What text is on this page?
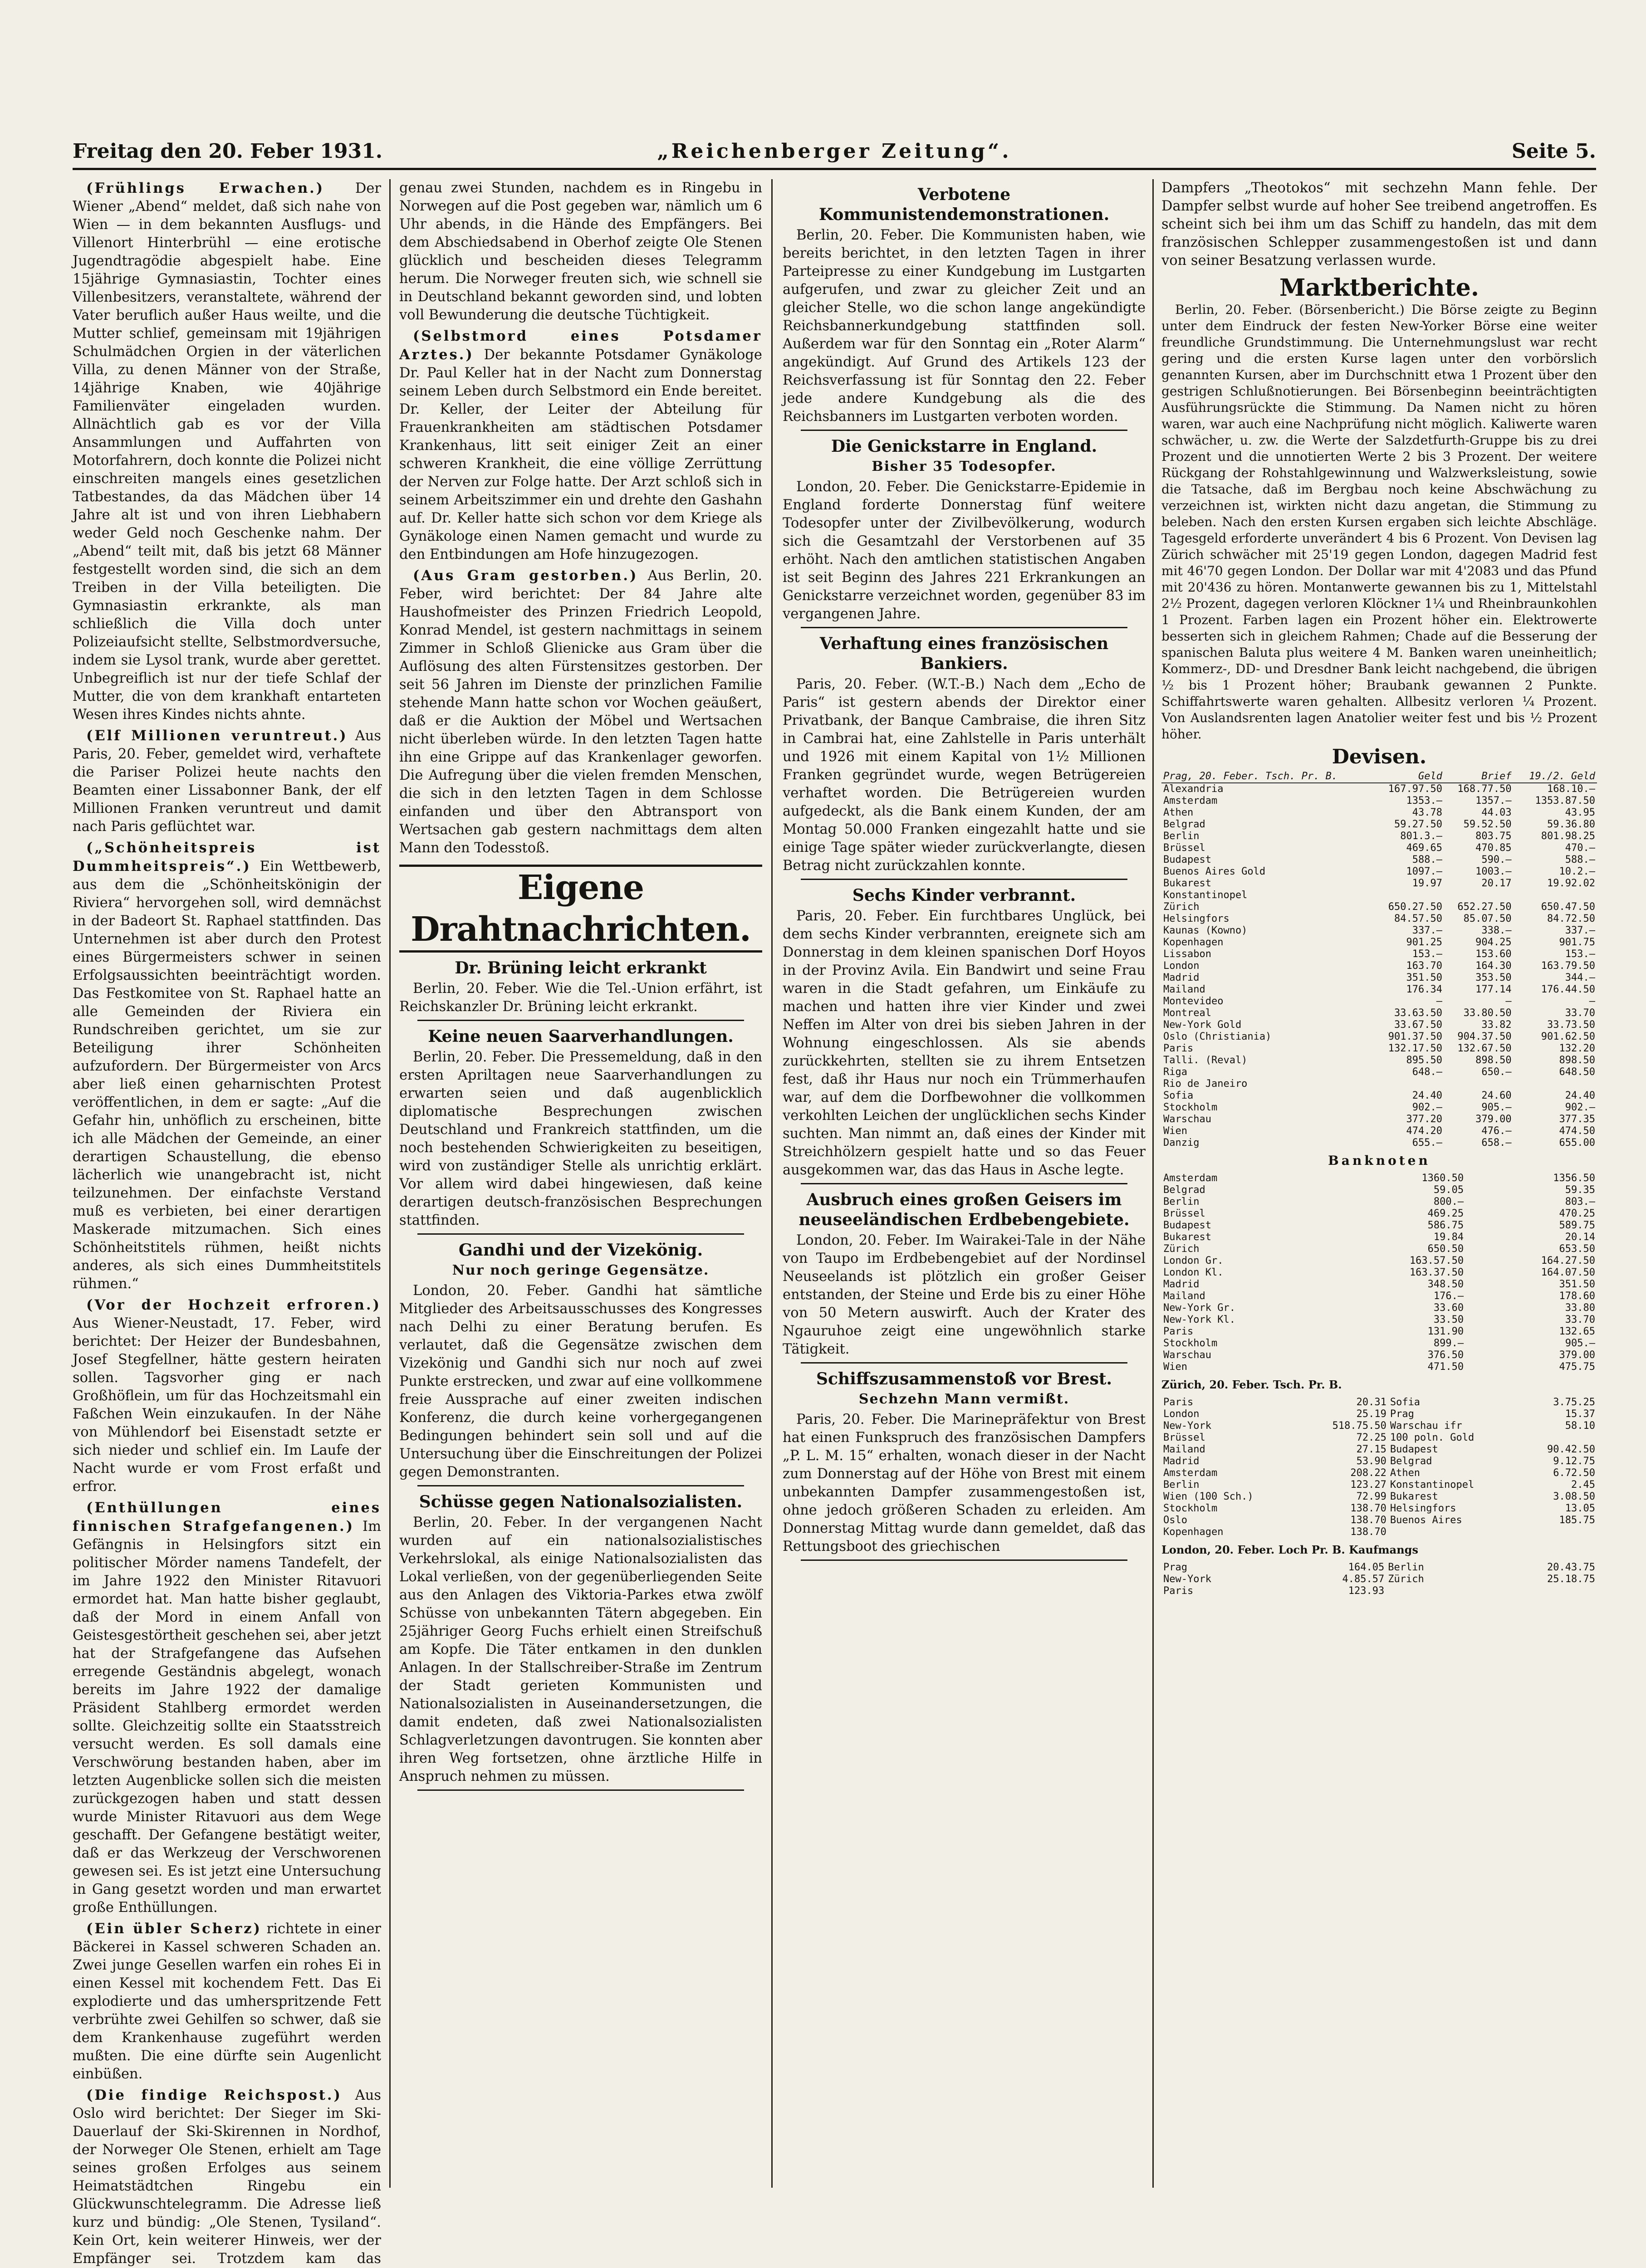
Freitag den 20. Feber 1931.	„Reichenberger Zeitung“.	Seite 5.

(Frühlings Erwachen.) Der Wiener „Abend“ meldet, daß sich nahe von Wien — in dem bekannten Ausflugs- und Villenort Hinterbrühl — eine erotische Jugendtragödie abgespielt habe. Eine 15jährige Gymnasiastin, Tochter eines Villenbesitzers, veranstaltete, während der Vater beruflich außer Haus weilte, und die Mutter schlief, gemeinsam mit 19jährigen Schulmädchen Orgien in der väterlichen Villa, zu denen Männer von der Straße, 14jährige Knaben, wie 40jährige Familienväter eingeladen wurden. Allnächtlich gab es vor der Villa Ansammlungen und Auffahrten von Motorfahrern, doch konnte die Polizei nicht einschreiten mangels eines gesetzlichen Tatbestandes, da das Mädchen über 14 Jahre alt ist und von ihren Liebhabern weder Geld noch Geschenke nahm. Der „Abend“ teilt mit, daß bis jetzt 68 Männer festgestellt worden sind, die sich an dem Treiben in der Villa beteiligten. Die Gymnasiastin erkrankte, als man schließlich die Villa doch unter Polizeiaufsicht stellte, Selbstmordversuche, indem sie Lysol trank, wurde aber gerettet. Unbegreiflich ist nur der tiefe Schlaf der Mutter, die von dem krankhaft entarteten Wesen ihres Kindes nichts ahnte.

(Elf Millionen veruntreut.) Aus Paris, 20. Feber, gemeldet wird, verhaftete die Pariser Polizei heute nachts den Beamten einer Lissabonner Bank, der elf Millionen Franken veruntreut und damit nach Paris geflüchtet war.

(„Schönheitspreis ist Dummheitspreis“.) Ein Wettbewerb, aus dem die „Schönheitskönigin der Riviera“ hervorgehen soll, wird demnächst in der Badeort St. Raphael stattfinden. Das Unternehmen ist aber durch den Protest eines Bürgermeisters schwer in seinen Erfolgsaussichten beeinträchtigt worden. Das Festkomitee von St. Raphael hatte an alle Gemeinden der Riviera ein Rundschreiben gerichtet, um sie zur Beteiligung ihrer Schönheiten aufzufordern. Der Bürgermeister von Arcs aber ließ einen geharnischten Protest veröffentlichen, in dem er sagte: „Auf die Gefahr hin, unhöflich zu erscheinen, bitte ich alle Mädchen der Gemeinde, an einer derartigen Schaustellung, die ebenso lächerlich wie unangebracht ist, nicht teilzunehmen. Der einfachste Verstand muß es verbieten, bei einer derartigen Maskerade mitzumachen. Sich eines Schönheitstitels rühmen, heißt nichts anderes, als sich eines Dummheitstitels rühmen.“

(Vor der Hochzeit erfroren.) Aus Wiener-Neustadt, 17. Feber, wird berichtet: Der Heizer der Bundesbahnen, Josef Stegfellner, hätte gestern heiraten sollen. Tagsvorher ging er nach Großhöflein, um für das Hochzeitsmahl ein Faßchen Wein einzukaufen. In der Nähe von Mühlendorf bei Eisenstadt setzte er sich nieder und schlief ein. Im Laufe der Nacht wurde er vom Frost erfaßt und erfror.

(Enthüllungen eines finnischen Strafgefangenen.) Im Gefängnis in Helsingfors sitzt ein politischer Mörder namens Tandefelt, der im Jahre 1922 den Minister Ritavuori ermordet hat. Man hatte bisher geglaubt, daß der Mord in einem Anfall von Geistesgestörtheit geschehen sei, aber jetzt hat der Strafgefangene das Aufsehen erregende Geständnis abgelegt, wonach bereits im Jahre 1922 der damalige Präsident Stahlberg ermordet werden sollte. Gleichzeitig sollte ein Staatsstreich versucht werden. Es soll damals eine Verschwörung bestanden haben, aber im letzten Augenblicke sollen sich die meisten zurückgezogen haben und statt dessen wurde Minister Ritavuori aus dem Wege geschafft. Der Gefangene bestätigt weiter, daß er das Werkzeug der Verschworenen gewesen sei. Es ist jetzt eine Untersuchung in Gang gesetzt worden und man erwartet große Enthüllungen.

(Ein übler Scherz) richtete in einer Bäckerei in Kassel schweren Schaden an. Zwei junge Gesellen warfen ein rohes Ei in einen Kessel mit kochendem Fett. Das Ei explodierte und das umherspritzende Fett verbrühte zwei Gehilfen so schwer, daß sie dem Krankenhause zugeführt werden mußten. Die eine dürfte sein Augenlicht einbüßen.

(Die findige Reichspost.) Aus Oslo wird berichtet: Der Sieger im Ski-Dauerlauf der Ski-Skirennen in Nordhof, der Norweger Ole Stenen, erhielt am Tage seines großen Erfolges aus seinem Heimatstädtchen Ringebu ein Glückwunschtelegramm. Die Adresse ließ kurz und bündig: „Ole Stenen, Tysiland“. Kein Ort, kein weiterer Hinweis, wer der Empfänger sei. Trotzdem kam das

genau zwei Stunden, nachdem es in Ringebu in Norwegen auf die Post gegeben war, nämlich um 6 Uhr abends, in die Hände des Empfängers. Bei dem Abschiedsabend in Oberhof zeigte Ole Stenen glücklich und bescheiden dieses Telegramm herum. Die Norweger freuten sich, wie schnell sie in Deutschland bekannt geworden sind, und lobten voll Bewunderung die deutsche Tüchtigkeit.

(Selbstmord eines Potsdamer Arztes.) Der bekannte Potsdamer Gynäkologe Dr. Paul Keller hat in der Nacht zum Donnerstag seinem Leben durch Selbstmord ein Ende bereitet. Dr. Keller, der Leiter der Abteilung für Frauenkrankheiten am städtischen Potsdamer Krankenhaus, litt seit einiger Zeit an einer schweren Krankheit, die eine völlige Zerrüttung der Nerven zur Folge hatte. Der Arzt schloß sich in seinem Arbeitszimmer ein und drehte den Gashahn auf. Dr. Keller hatte sich schon vor dem Kriege als Gynäkologe einen Namen gemacht und wurde zu den Entbindungen am Hofe hinzugezogen.

(Aus Gram gestorben.) Aus Berlin, 20. Feber, wird berichtet: Der 84 Jahre alte Haushofmeister des Prinzen Friedrich Leopold, Konrad Mendel, ist gestern nachmittags in seinem Zimmer in Schloß Glienicke aus Gram über die Auflösung des alten Fürstensitzes gestorben. Der seit 56 Jahren im Dienste der prinzlichen Familie stehende Mann hatte schon vor Wochen geäußert, daß er die Auktion der Möbel und Wertsachen nicht überleben würde. In den letzten Tagen hatte ihn eine Grippe auf das Krankenlager geworfen. Die Aufregung über die vielen fremden Menschen, die sich in den letzten Tagen in dem Schlosse einfanden und über den Abtransport von Wertsachen gab gestern nachmittags dem alten Mann den Todesstoß.

Eigene Drahtnachrichten.
Dr. Brüning leicht erkrankt

Berlin, 20. Feber. Wie die Tel.-Union erfährt, ist Reichskanzler Dr. Brüning leicht erkrankt.

Keine neuen Saarverhandlungen.

Berlin, 20. Feber. Die Pressemeldung, daß in den ersten Apriltagen neue Saarverhandlungen zu erwarten seien und daß augenblicklich diplomatische Besprechungen zwischen Deutschland und Frankreich stattfinden, um die noch bestehenden Schwierigkeiten zu beseitigen, wird von zuständiger Stelle als unrichtig erklärt. Vor allem wird dabei hingewiesen, daß keine derartigen deutsch-französischen Besprechungen stattfinden.

Gandhi und der Vizekönig.
Nur noch geringe Gegensätze.

London, 20. Feber. Gandhi hat sämtliche Mitglieder des Arbeitsausschusses des Kongresses nach Delhi zu einer Beratung berufen. Es verlautet, daß die Gegensätze zwischen dem Vizekönig und Gandhi sich nur noch auf zwei Punkte erstrecken, und zwar auf eine vollkommene freie Aussprache auf einer zweiten indischen Konferenz, die durch keine vorhergegangenen Bedingungen behindert sein soll und auf die Untersuchung über die Einschreitungen der Polizei gegen Demonstranten.

Schüsse gegen Nationalsozialisten.

Berlin, 20. Feber. In der vergangenen Nacht wurden auf ein nationalsozialistisches Verkehrslokal, als einige Nationalsozialisten das Lokal verließen, von der gegenüberliegenden Seite aus den Anlagen des Viktoria-Parkes etwa zwölf Schüsse von unbekannten Tätern abgegeben. Ein 25jähriger Georg Fuchs erhielt einen Streifschuß am Kopfe. Die Täter entkamen in den dunklen Anlagen. In der Stallschreiber-Straße im Zentrum der Stadt gerieten Kommunisten und Nationalsozialisten in Auseinandersetzungen, die damit endeten, daß zwei Nationalsozialisten Schlagverletzungen davontrugen. Sie konnten aber ihren Weg fortsetzen, ohne ärztliche Hilfe in Anspruch nehmen zu müssen.

Verbotene Kommunistendemonstrationen.

Berlin, 20. Feber. Die Kommunisten haben, wie bereits berichtet, in den letzten Tagen in ihrer Parteipresse zu einer Kundgebung im Lustgarten aufgerufen, und zwar zu gleicher Zeit und an gleicher Stelle, wo die schon lange angekündigte Reichsbannerkundgebung stattfinden soll. Außerdem war für den Sonntag ein „Roter Alarm“ angekündigt. Auf Grund des Artikels 123 der Reichsverfassung ist für Sonntag den 22. Feber jede andere Kundgebung als die des Reichsbanners im Lustgarten verboten worden.

Die Genickstarre in England.
Bisher 35 Todesopfer.

London, 20. Feber. Die Genickstarre-Epidemie in England forderte Donnerstag fünf weitere Todesopfer unter der Zivilbevölkerung, wodurch sich die Gesamtzahl der Verstorbenen auf 35 erhöht. Nach den amtlichen statistischen Angaben ist seit Beginn des Jahres 221 Erkrankungen an Genickstarre verzeichnet worden, gegenüber 83 im vergangenen Jahre.

Verhaftung eines französischen Bankiers.

Paris, 20. Feber. (W.T.-B.) Nach dem „Echo de Paris“ ist gestern abends der Direktor einer Privatbank, der Banque Cambraise, die ihren Sitz in Cambrai hat, eine Zahlstelle in Paris unterhält und 1926 mit einem Kapital von 1½ Millionen Franken gegründet wurde, wegen Betrügereien verhaftet worden. Die Betrügereien wurden aufgedeckt, als die Bank einem Kunden, der am Montag 50.000 Franken eingezahlt hatte und sie einige Tage später wieder zurückverlangte, diesen Betrag nicht zurückzahlen konnte.

Sechs Kinder verbrannt.

Paris, 20. Feber. Ein furchtbares Unglück, bei dem sechs Kinder verbrannten, ereignete sich am Donnerstag in dem kleinen spanischen Dorf Hoyos in der Provinz Avila. Ein Bandwirt und seine Frau waren in die Stadt gefahren, um Einkäufe zu machen und hatten ihre vier Kinder und zwei Neffen im Alter von drei bis sieben Jahren in der Wohnung eingeschlossen. Als sie abends zurückkehrten, stellten sie zu ihrem Entsetzen fest, daß ihr Haus nur noch ein Trümmerhaufen war, auf dem die Dorfbewohner die vollkommen verkohlten Leichen der unglücklichen sechs Kinder suchten. Man nimmt an, daß eines der Kinder mit Streichhölzern gespielt hatte und so das Feuer ausgekommen war, das das Haus in Asche legte.

Ausbruch eines großen Geisers im neuseeländischen Erdbebengebiete.

London, 20. Feber. Im Wairakei-Tale in der Nähe von Taupo im Erdbebengebiet auf der Nordinsel Neuseelands ist plötzlich ein großer Geiser entstanden, der Steine und Erde bis zu einer Höhe von 50 Metern auswirft. Auch der Krater des Ngauruhoe zeigt eine ungewöhnlich starke Tätigkeit.

Schiffszusammenstoß vor Brest.
Sechzehn Mann vermißt.

Paris, 20. Feber. Die Marinepräfektur von Brest hat einen Funkspruch des französischen Dampfers „P. L. M. 15“ erhalten, wonach dieser in der Nacht zum Donnerstag auf der Höhe von Brest mit einem unbekannten Dampfer zusammengestoßen ist, ohne jedoch größeren Schaden zu erleiden. Am Donnerstag Mittag wurde dann gemeldet, daß das Rettungsboot des griechischen

Dampfers „Theotokos“ mit sechzehn Mann fehle. Der Dampfer selbst wurde auf hoher See treibend angetroffen. Es scheint sich bei ihm um das Schiff zu handeln, das mit dem französischen Schlepper zusammengestoßen ist und dann von seiner Besatzung verlassen wurde.

Marktberichte.

Berlin, 20. Feber. (Börsenbericht.) Die Börse zeigte zu Beginn unter dem Eindruck der festen New-Yorker Börse eine weiter freundliche Grundstimmung. Die Unternehmungslust war recht gering und die ersten Kurse lagen unter den vorbörslich genannten Kursen, aber im Durchschnitt etwa 1 Prozent über den gestrigen Schlußnotierungen. Bei Börsenbeginn beeinträchtigten Ausführungsrückte die Stimmung. Da Namen nicht zu hören waren, war auch eine Nachprüfung nicht möglich. Kaliwerte waren schwächer, u. zw. die Werte der Salzdetfurth-Gruppe bis zu drei Prozent und die unnotierten Werte 2 bis 3 Prozent. Der weitere Rückgang der Rohstahlgewinnung und Walzwerksleistung, sowie die Tatsache, daß im Bergbau noch keine Abschwächung zu verzeichnen ist, wirkten nicht dazu angetan, die Stimmung zu beleben. Nach den ersten Kursen ergaben sich leichte Abschläge. Tagesgeld erforderte unverändert 4 bis 6 Prozent. Von Devisen lag Zürich schwächer mit 25'19 gegen London, dagegen Madrid fest mit 46'70 gegen London. Der Dollar war mit 4'2083 und das Pfund mit 20'436 zu hören. Montanwerte gewannen bis zu 1, Mittelstahl 2½ Prozent, dagegen verloren Klöckner 1¼ und Rheinbraunkohlen 1 Prozent. Farben lagen ein Prozent höher ein. Elektrowerte besserten sich in gleichem Rahmen; Chade auf die Besserung der spanischen Baluta plus weitere 4 M. Banken waren uneinheitlich; Kommerz-, DD- und Dresdner Bank leicht nachgebend, die übrigen ½ bis 1 Prozent höher; Braubank gewannen 2 Punkte. Schiffahrtswerte waren gehalten. Allbesitz verloren ¼ Prozent. Von Auslandsrenten lagen Anatolier weiter fest und bis ½ Prozent höher.

Devisen.
Prag, 20. Feber. Tsch. Pr. B.	Geld	Brief	19./2. Geld
Alexandria	167.97.50	168.77.50	168.10.—
Amsterdam	1353.—	1357.—	1353.87.50
Athen	43.78	44.03	43.95
Belgrad	59.27.50	59.52.50	59.36.80
Berlin	801.3.—	803.75	801.98.25
Brüssel	469.65	470.85	470.—
Budapest	588.—	590.—	588.—
Buenos Aires Gold	1097.—	1003.—	10.2.—
Bukarest	19.97	20.17	19.92.02
Konstantinopel			
Zürich	650.27.50	652.27.50	650.47.50
Helsingfors	84.57.50	85.07.50	84.72.50
Kaunas (Kowno)	337.—	338.—	337.—
Kopenhagen	901.25	904.25	901.75
Lissabon	153.—	153.60	153.—
London	163.70	164.30	163.79.50
Madrid	351.50	353.50	344.—
Mailand	176.34	177.14	176.44.50
Montevideo	—	—	—
Montreal	33.63.50	33.80.50	33.70
New-York Gold	33.67.50	33.82	33.73.50
Oslo (Christiania)	901.37.50	904.37.50	901.62.50
Paris	132.17.50	132.67.50	132.20
Talli. (Reval)	895.50	898.50	898.50
Riga	648.—	650.—	648.50
Rio de Janeiro			
Sofia	24.40	24.60	24.40
Stockholm	902.—	905.—	902.—
Warschau	377.20	379.00	377.35
Wien	474.20	476.—	474.50
Danzig	655.—	658.—	655.00
Banknoten
Amsterdam	1360.50	1356.50
Belgrad	59.05	59.35
Berlin	800.—	803.—
Brüssel	469.25	470.25
Budapest	586.75	589.75
Bukarest	19.84	20.14
Zürich	650.50	653.50
London Gr.	163.57.50	164.27.50
London Kl.	163.37.50	164.07.50
Madrid	348.50	351.50
Mailand	176.—	178.60
New-York Gr.	33.60	33.80
New-York Kl.	33.50	33.70
Paris	131.90	132.65
Stockholm	899.—	905.—
Warschau	376.50	379.00
Wien	471.50	475.75
Zürich, 20. Feber. Tsch. Pr. B.
Paris	20.31	Sofia	3.75.25
London	25.19	Prag	15.37
New-York	518.75.50	Warschau ifr	58.10
Brüssel	72.25	100 poln. Gold	
Mailand	27.15	Budapest	90.42.50
Madrid	53.90	Belgrad	9.12.75
Amsterdam	208.22	Athen	6.72.50
Berlin	123.27	Konstantinopel	2.45
Wien (100 Sch.)	72.99	Bukarest	3.08.50
Stockholm	138.70	Helsingfors	13.05
Oslo	138.70	Buenos Aires	185.75
Kopenhagen	138.70		
London, 20. Feber. Loch Pr. B. Kaufmangs
Prag	164.05	Berlin	20.43.75
New-York	4.85.57	Zürich	25.18.75
Paris	123.93		
